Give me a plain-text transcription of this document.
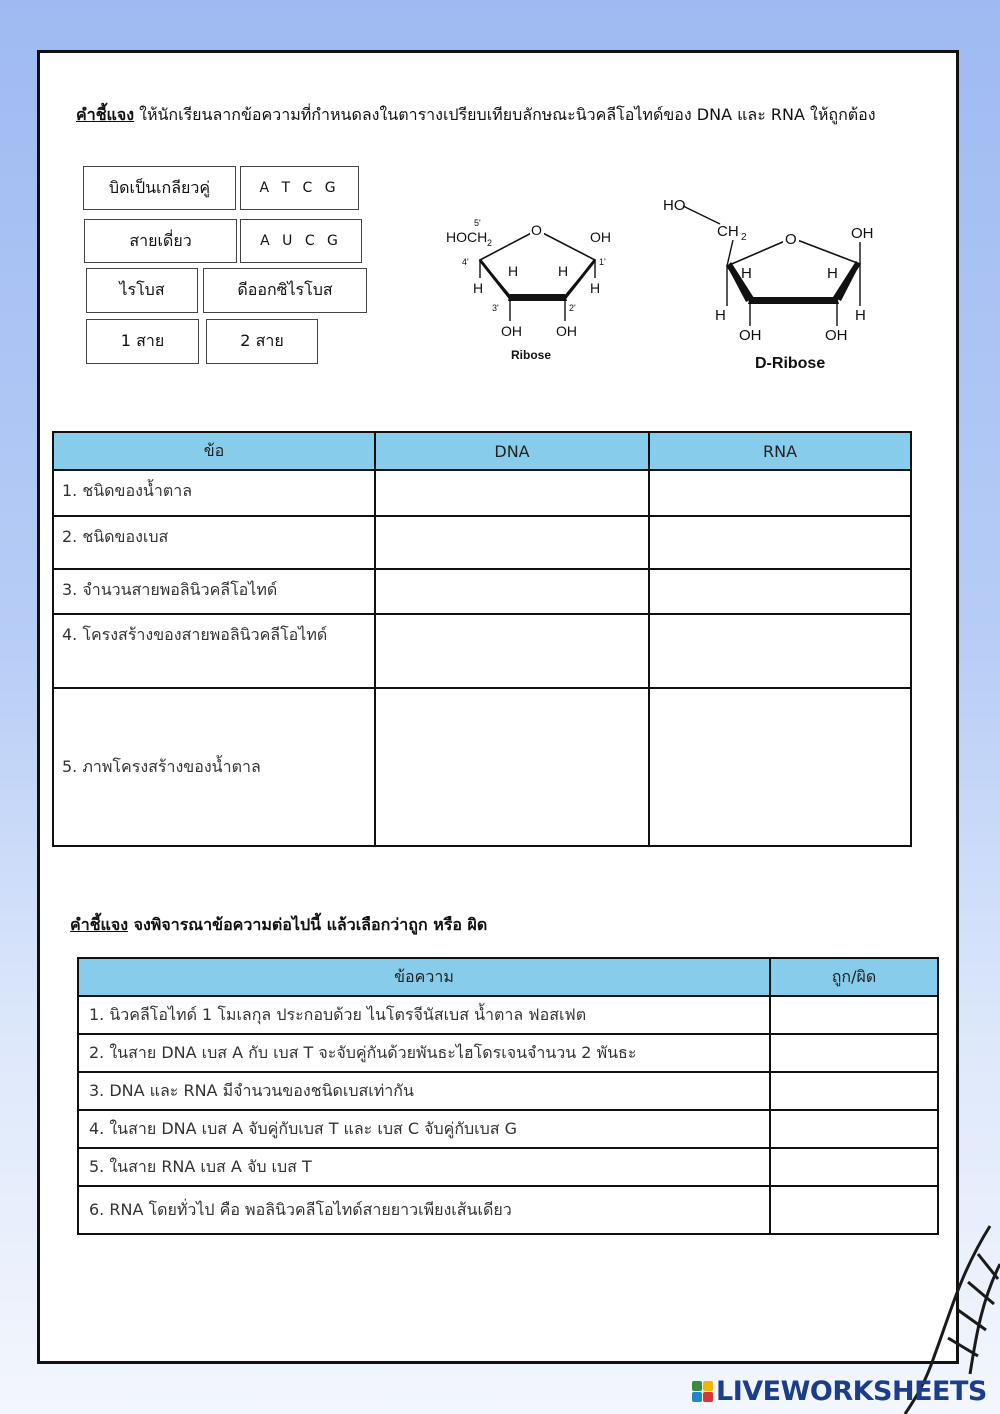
คำชี้แจง ให้นักเรียนลากข้อความที่กำหนดลงในตารางเปรียบเทียบลักษณะนิวคลีโอไทด์ของ DNA และ RNA ให้ถูกต้อง
บิดเป็นเกลียวคู่	A T C G
สายเดี่ยว	A U C G
ไรโบส	ดีออกซิไรโบส
1 สาย	2 สาย
O
HOCH 2
5'
4'
OH
1'
H
H	H
H
3'	2'
OH OH
Ribose
O
HO
CH 2	OH
H	H
H	H
OH	OH
D-Ribose
ข้อ	DNA	RNA
1. ชนิดของน้ำตาล		
2. ชนิดของเบส		
3. จำนวนสายพอลินิวคลีโอไทด์		
4. โครงสร้างของสายพอลินิวคลีโอไทด์		
5. ภาพโครงสร้างของน้ำตาล		
คำชี้แจง จงพิจารณาข้อความต่อไปนี้ แล้วเลือกว่าถูก หรือ ผิด
ข้อความ	ถูก/ผิด
1. นิวคลีโอไทด์ 1 โมเลกุล ประกอบด้วย ไนโตรจีนัสเบส น้ำตาล ฟอสเฟต	
2. ในสาย DNA เบส A กับ เบส T จะจับคู่กันด้วยพันธะไฮโดรเจนจำนวน 2 พันธะ	
3. DNA และ RNA มีจำนวนของชนิดเบสเท่ากัน	
4. ในสาย DNA เบส A จับคู่กับเบส T และ เบส C จับคู่กับเบส G	
5. ในสาย RNA เบส A จับ เบส T	
6. RNA โดยทั่วไป คือ พอลินิวคลีโอไทด์สายยาวเพียงเส้นเดียว	
LIVEWORKSHEETS
